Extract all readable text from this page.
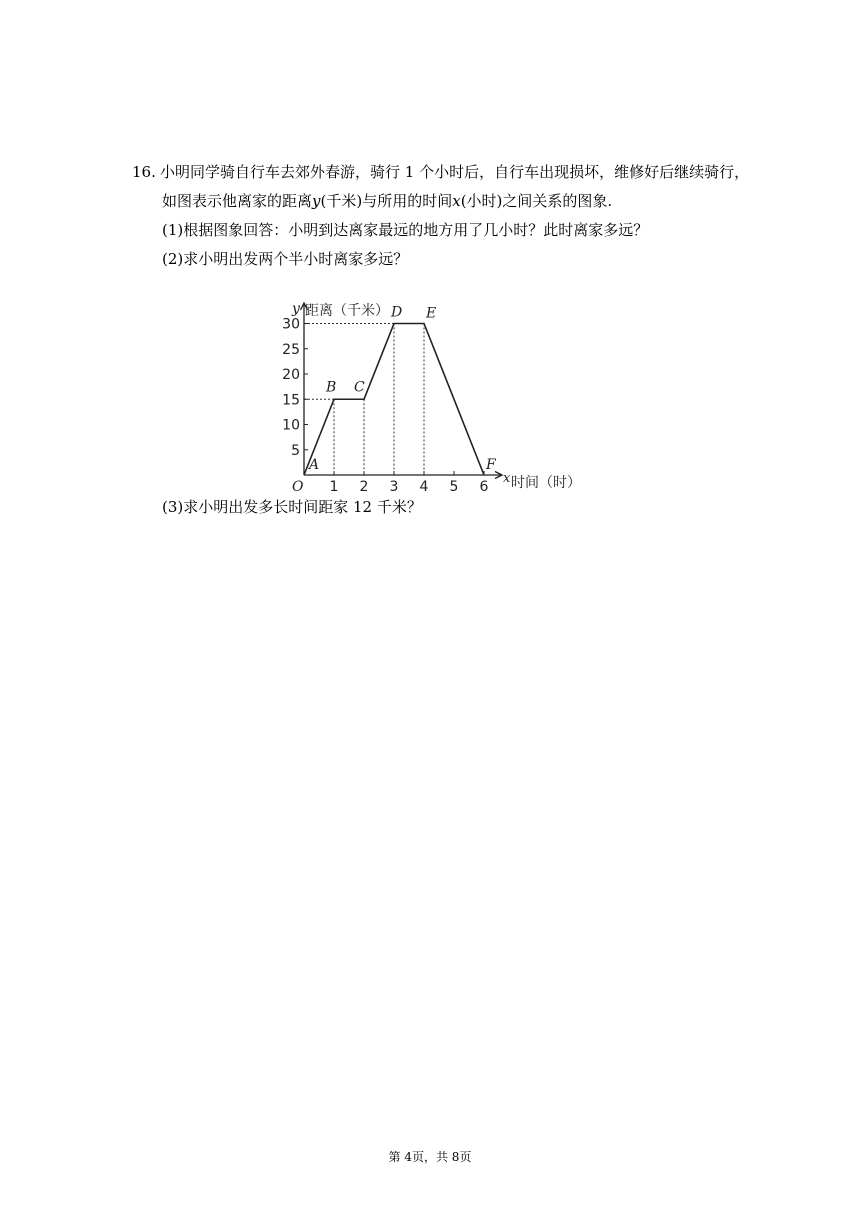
16. 小明同学骑自行车去郊外春游，骑行 1 个小时后，自行车出现损坏，维修好后继续骑行，
如图表示他离家的距离y(千米)与所用的时间x(小时)之间关系的图象.
(1)根据图象回答：小明到达离家最远的地方用了几小时？此时离家多远？
(2)求小明出发两个半小时离家多远？
1 2 3 4 5 6
5
10
15
20
25
30
A
B C
D E
F
O
y 距离（千米）
x 时间（时）
(3)求小明出发多长时间距家 12 千米？
第 4页，共 8页
